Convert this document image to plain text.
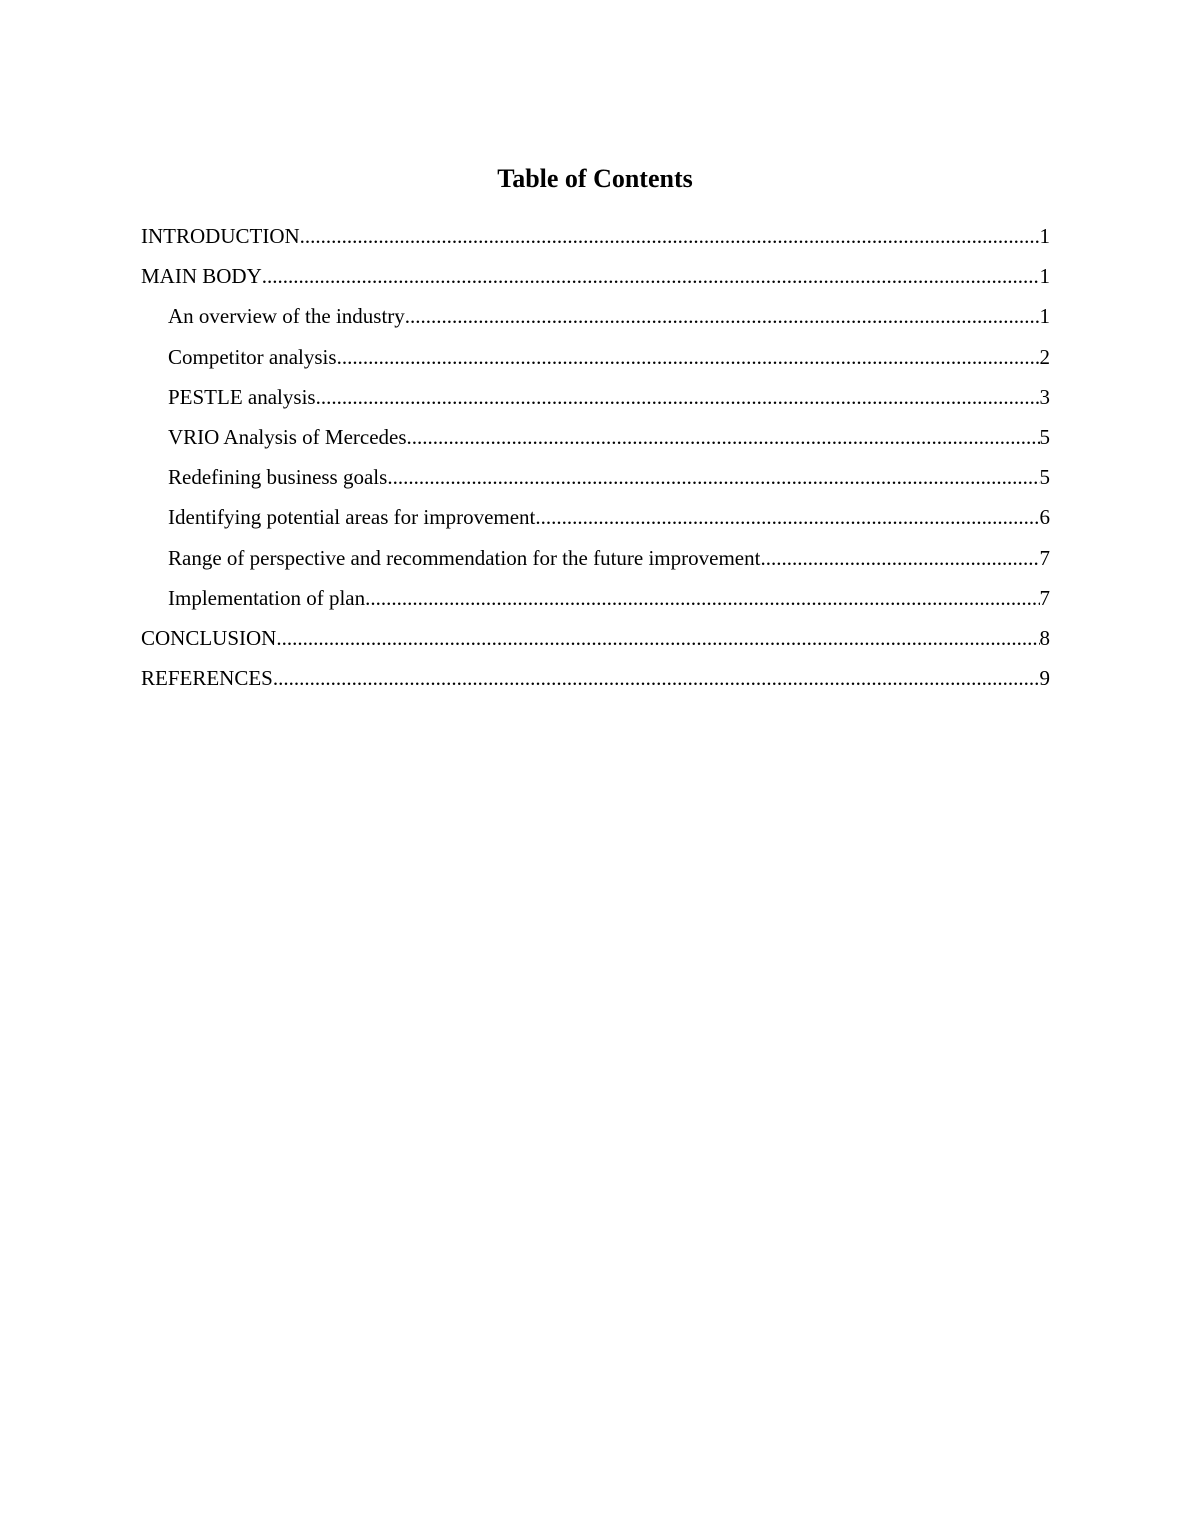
Table of Contents
INTRODUCTION .....	1
MAIN BODY .....	1
An overview of the industry .....	1
Competitor analysis .....	2
PESTLE analysis .....	3
VRIO Analysis of Mercedes .....	5
Redefining business goals .....	5
Identifying potential areas for improvement .....	6
Range of perspective and recommendation for the future improvement .....	7
Implementation of plan .....	7
CONCLUSION .....	8
REFERENCES .....	9
